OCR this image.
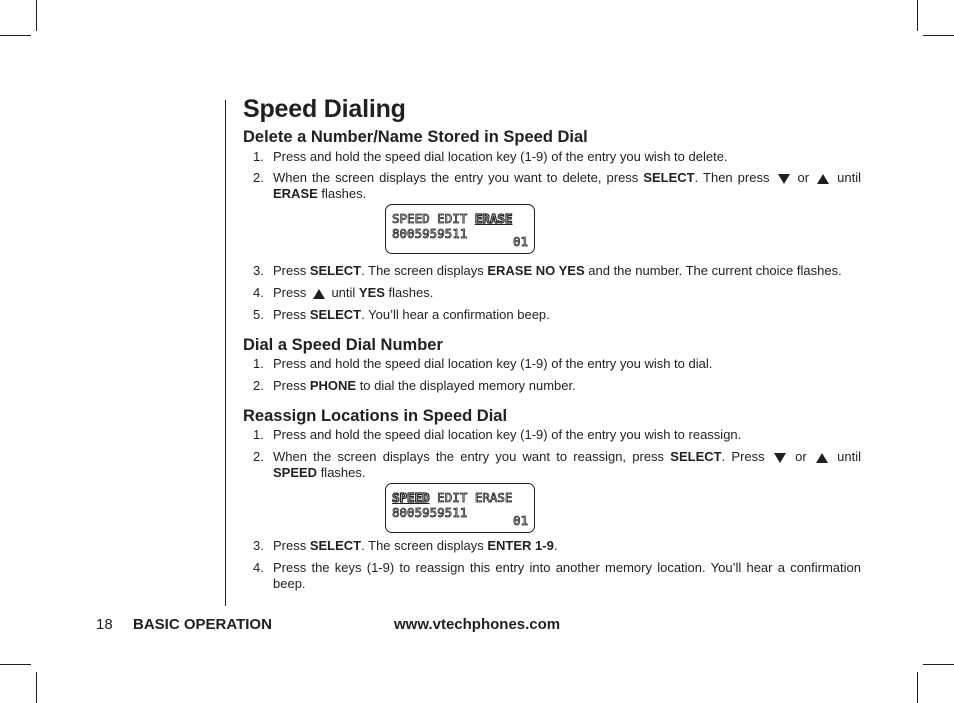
Speed Dialing
Delete a Number/Name Stored in Speed Dial
1. Press and hold the speed dial location key (1-9) of the entry you wish to delete.
2. When the screen displays the entry you want to delete, press SELECT. Then press  or  until ERASE flashes.
SPEED EDIT ERASE
8005959511
01
3. Press SELECT. The screen displays ERASE NO YES and the number. The current choice flashes.
4. Press  until YES flashes.
5. Press SELECT. You’ll hear a confirmation beep.
Dial a Speed Dial Number
1. Press and hold the speed dial location key (1-9) of the entry you wish to dial.
2. Press PHONE to dial the displayed memory number.
Reassign Locations in Speed Dial
1. Press and hold the speed dial location key (1-9) of the entry you wish to reassign.
2. When the screen displays the entry you want to reassign, press SELECT. Press  or  until SPEED flashes.
SPEED EDIT ERASE
8005959511
01
3. Press SELECT. The screen displays ENTER 1-9.
4. Press the keys (1-9) to reassign this entry into another memory location. You’ll hear a confirmation beep.
18 BASIC OPERATION	www.vtechphones.com
